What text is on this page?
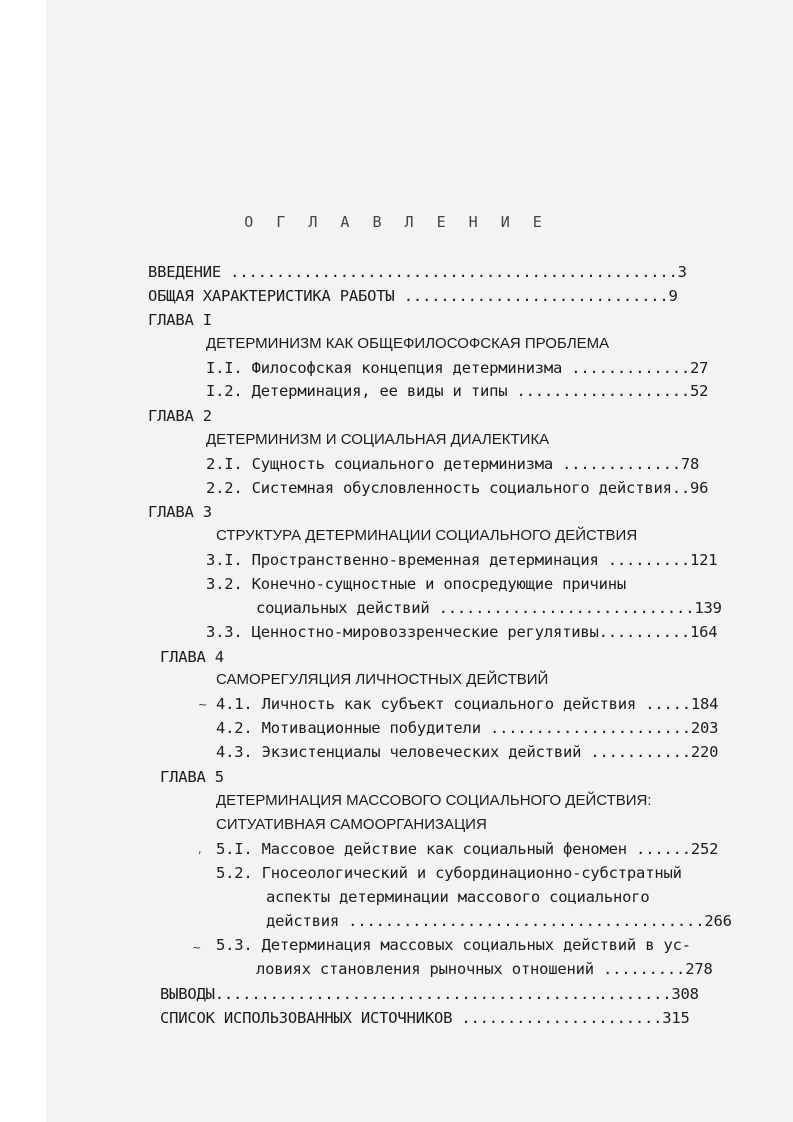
О Г Л А В Л Е Н И Е
ВВЕДЕНИЕ .................................................3
ОБЩАЯ ХАРАКТЕРИСТИКА РАБОТЫ .............................9
ГЛАВА I
ДЕТЕРМИНИЗМ КАК ОБЩЕФИЛОСОФСКАЯ ПРОБЛЕМА
I.I. Философская концепция детерминизма .............27
I.2. Детерминация, ее виды и типы ...................52
ГЛАВА 2
ДЕТЕРМИНИЗМ И СОЦИАЛЬНАЯ ДИАЛЕКТИКА
2.I. Сущность социального детерминизма .............78
2.2. Системная обусловленность социального действия..96
ГЛАВА 3
СТРУКТУРА ДЕТЕРМИНАЦИИ СОЦИАЛЬНОГО ДЕЙСТВИЯ
3.I. Пространственно-временная детерминация .........121
3.2. Конечно-сущностные и опосредующие причины
социальных действий ............................139
3.3. Ценностно-мировоззренческие регулятивы..........164
ГЛАВА 4
САМОРЕГУЛЯЦИЯ ЛИЧНОСТНЫХ ДЕЙСТВИЙ
4.1. Личность как субъект социального действия .....184
4.2. Мотивационные побудители ......................203
4.3. Экзистенциалы человеческих действий ...........220
ГЛАВА 5
ДЕТЕРМИНАЦИЯ МАССОВОГО СОЦИАЛЬНОГО ДЕЙСТВИЯ:
СИТУАТИВНАЯ САМООРГАНИЗАЦИЯ
5.I. Массовое действие как социальный феномен ......252
5.2. Гносеологический и субординационно-субстратный
аспекты детерминации массового социального
действия .......................................266
5.3. Детерминация массовых социальных действий в ус-
ловиях становления рыночных отношений .........278
ВЫВОДЫ..................................................308
СПИСОК ИСПОЛЬЗОВАННЫХ ИСТОЧНИКОВ ......................315
~
,
~
